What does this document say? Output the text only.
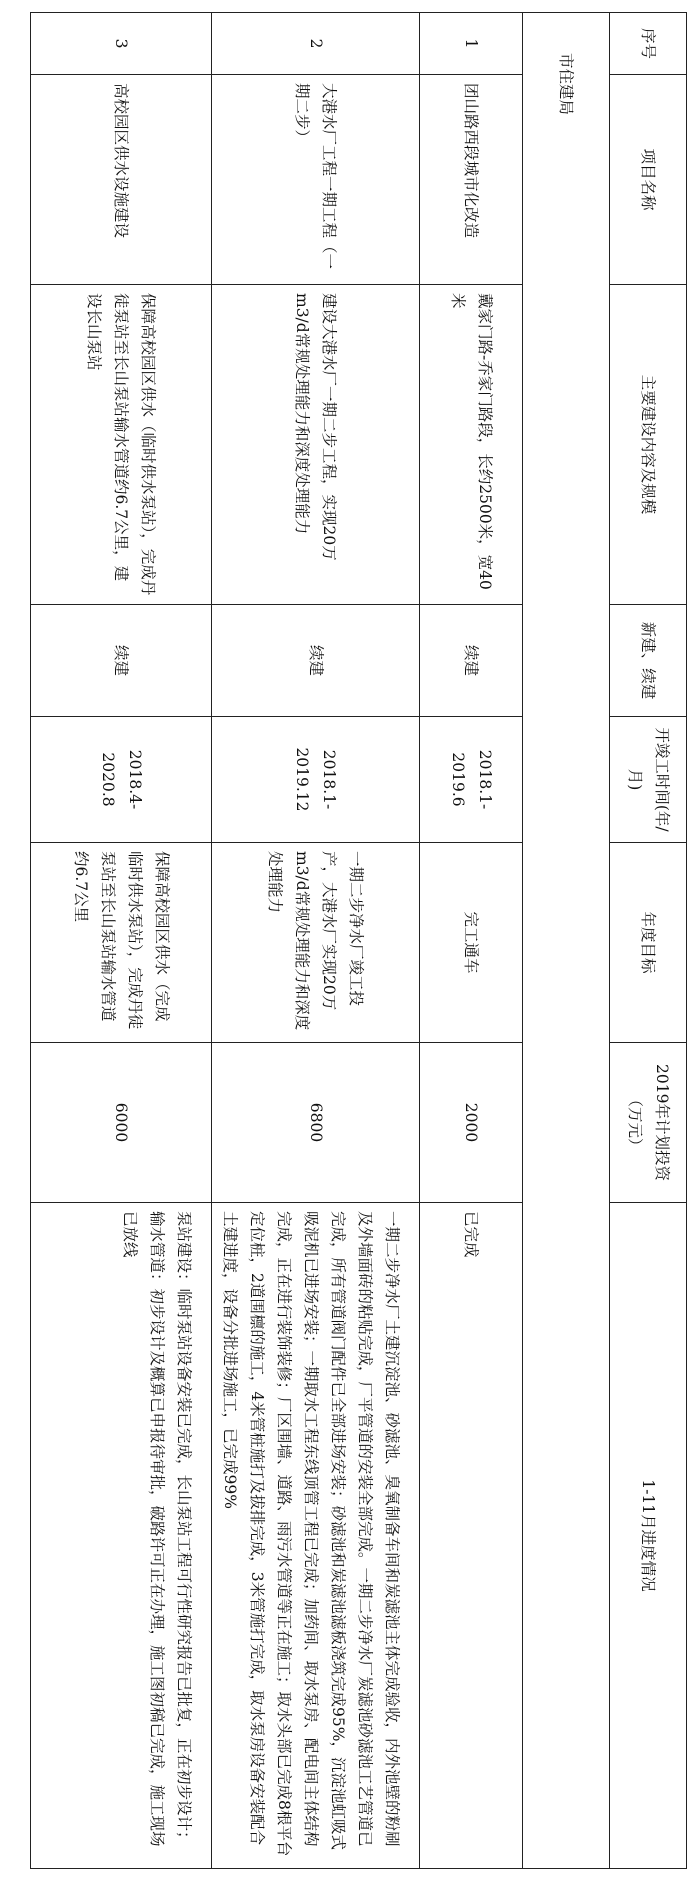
序号	项目名称	主要建设内容及规模	新建、续建	开竣工时间(年/月)	年度目标	2019年计划投资（万元）	1-11月进度情况
市住建局							
1	团山路西段城市化改造	戴家门路-乔家门路段，长约2500米，宽40米	续建	2018.1-2019.6	完工通车	2000	已完成
2	大港水厂工程一期工程（一期二步）	建设大港水厂一期二步工程，实现20万m3/d常规处理能力和深度处理能力	续建	2018.1-2019.12	一期二步净水厂竣工投产，大港水厂实现20万m3/d常规处理能力和深度处理能力	6800	一期二步净水厂土建沉淀池、砂滤池、臭氧制备车间和炭滤池主体完成验收，内外池壁的粉刷及外墙面砖的粘贴完成，厂平管道的安装全部完成。一期二步净水厂炭滤池砂滤池工艺管道已完成，所有管道阀门配件已全部进场安装；砂滤池和炭滤池滤板浇筑完成95%，沉淀池虹吸式吸泥机已进场安装；一期取水工程东线顶管工程已完成；加药间、取水泵房、配电间主体结构完成，正在进行装饰装修；厂区围墙、道路、雨污水管道等正在施工；取水头部已完成8根平台定位桩，2道围檩的施工，4米管桩施打及拔排完成，3米管施打完成，取水泵房设备安装配合土建进度，设备分批进场施工，已完成99%
3	高校园区供水设施建设	保障高校园区供水（临时供水泵站），完成丹徒泵站至长山泵站输水管道约6.7公里，建设长山泵站	续建	2018.4-2020.8	保障高校园区供水（完成临时供水泵站），完成丹徒泵站至长山泵站输水管道约6.7公里	6000	泵站建设：临时泵站设备安装已完成，长山泵站工程可行性研究报告已批复，正在初步设计；输水管道：初步设计及概算已申报待审批，破路许可正在办理，施工图初稿已完成，施工现场已放线
